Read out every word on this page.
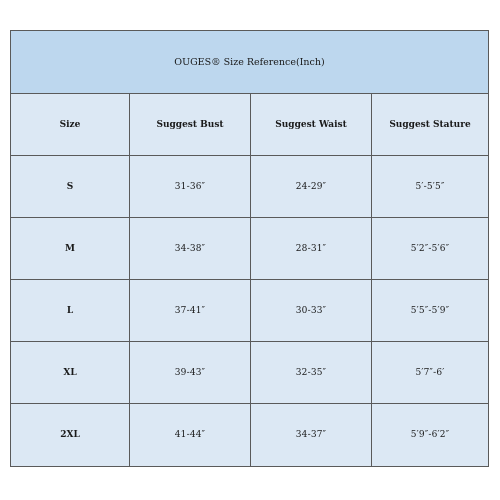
OUGES® Size Reference(Inch)
Size	Suggest Bust	Suggest Waist	Suggest Stature
S	31-36″	24-29″	5′-5′5″
M	34-38″	28-31″	5′2″-5′6″
L	37-41″	30-33″	5′5″-5′9″
XL	39-43″	32-35″	5′7″-6′
2XL	41-44″	34-37″	5′9″-6′2″
